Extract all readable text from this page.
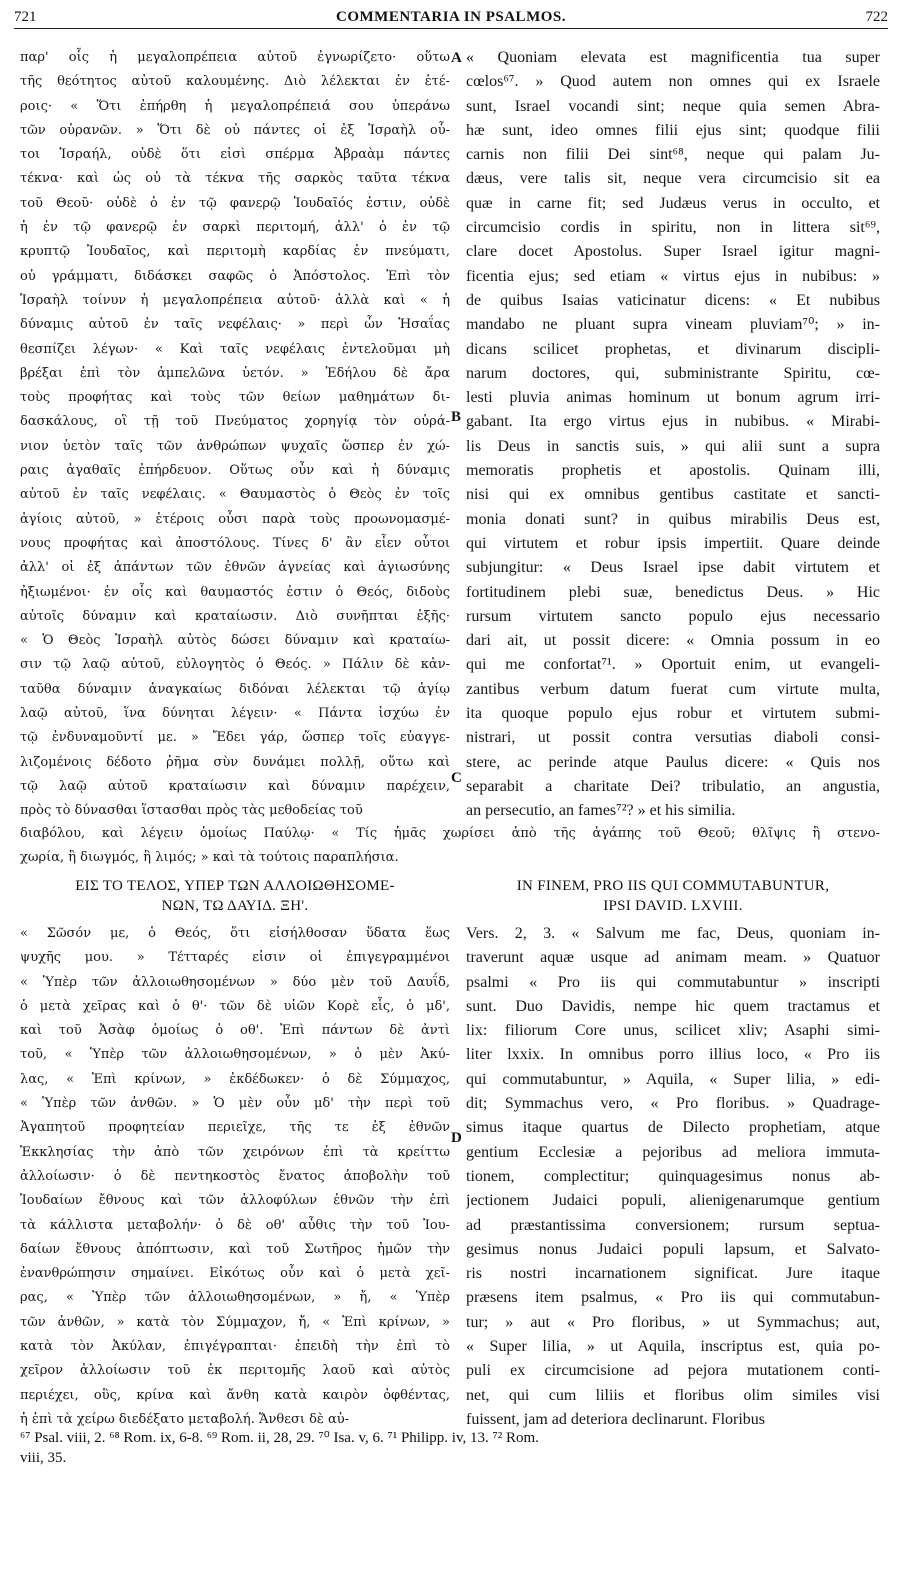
721	COMMENTARIA IN PSALMOS.	722
παρ' οἷς ἡ μεγαλοπρέπεια αὐτοῦ ἐγνωρίζετο· οὕτω
τῆς θεότητος αὐτοῦ καλουμένης. Διὸ λέλεκται ἐν ἑτέ-
ροις· « Ὅτι ἐπήρθη ἡ μεγαλοπρέπειά σου ὑπεράνω
τῶν οὐρανῶν. » Ὅτι δὲ οὐ πάντες οἱ ἐξ Ἰσραὴλ οὗ-
τοι Ἰσραήλ, οὐδὲ ὅτι εἰσὶ σπέρμα Ἀβραὰμ πάντες
τέκνα· καὶ ὡς οὐ τὰ τέκνα τῆς σαρκὸς ταῦτα τέκνα
τοῦ Θεοῦ· οὐδὲ ὁ ἐν τῷ φανερῷ Ἰουδαῖός ἐστιν, οὐδὲ
ἡ ἐν τῷ φανερῷ ἐν σαρκὶ περιτομή, ἀλλ' ὁ ἐν τῷ
κρυπτῷ Ἰουδαῖος, καὶ περιτομὴ καρδίας ἐν πνεύματι,
οὐ γράμματι, διδάσκει σαφῶς ὁ Ἀπόστολος. Ἐπὶ τὸν
Ἰσραὴλ τοίνυν ἡ μεγαλοπρέπεια αὐτοῦ· ἀλλὰ καὶ « ἡ
δύναμις αὐτοῦ ἐν ταῖς νεφέλαις· » περὶ ὧν Ἡσαΐας
θεσπίζει λέγων· « Καὶ ταῖς νεφέλαις ἐντελοῦμαι μὴ
βρέξαι ἐπὶ τὸν ἀμπελῶνα ὑετόν. » Ἐδήλου δὲ ἄρα
τοὺς προφήτας καὶ τοὺς τῶν θείων μαθημάτων δι-
δασκάλους, οἳ τῇ τοῦ Πνεύματος χορηγίᾳ τὸν οὐρά-
νιον ὑετὸν ταῖς τῶν ἀνθρώπων ψυχαῖς ὥσπερ ἐν χώ-
ραις ἀγαθαῖς ἐπήρδευον. Οὕτως οὖν καὶ ἡ δύναμις
αὐτοῦ ἐν ταῖς νεφέλαις. « Θαυμαστὸς ὁ Θεὸς ἐν τοῖς
ἁγίοις αὐτοῦ, » ἑτέροις οὖσι παρὰ τοὺς προωνομασμέ-
νους προφήτας καὶ ἀποστόλους. Τίνες δ' ἂν εἶεν οὗτοι
ἀλλ' οἱ ἐξ ἁπάντων τῶν ἐθνῶν ἁγνείας καὶ ἁγιωσύνης
ἠξιωμένοι· ἐν οἷς καὶ θαυμαστός ἐστιν ὁ Θεός, διδοὺς
αὐτοῖς δύναμιν καὶ κραταίωσιν. Διὸ συνῆπται ἑξῆς·
« Ὁ Θεὸς Ἰσραὴλ αὐτὸς δώσει δύναμιν καὶ κραταίω-
σιν τῷ λαῷ αὐτοῦ, εὐλογητὸς ὁ Θεός. » Πάλιν δὲ κἀν-
ταῦθα δύναμιν ἀναγκαίως διδόναι λέλεκται τῷ ἁγίῳ
λαῷ αὐτοῦ, ἵνα δύνηται λέγειν· « Πάντα ἰσχύω ἐν
τῷ ἐνδυναμοῦντί με. » Ἔδει γάρ, ὥσπερ τοῖς εὐαγγε-
λιζομένοις δέδοτο ῥῆμα σὺν δυνάμει πολλῇ, οὕτω καὶ
τῷ λαῷ αὐτοῦ κραταίωσιν καὶ δύναμιν παρέχειν,
πρὸς τὸ δύνασθαι ἵστασθαι πρὸς τὰς μεθοδείας τοῦ
« Quoniam elevata est magnificentia tua super
cœlos⁶⁷. » Quod autem non omnes qui ex Israele
sunt, Israel vocandi sint; neque quia semen Abra-
hæ sunt, ideo omnes filii ejus sint; quodque filii
carnis non filii Dei sint⁶⁸, neque qui palam Ju-
dæus, vere talis sit, neque vera circumcisio sit ea
quæ in carne fit; sed Judæus verus in occulto, et
circumcisio cordis in spiritu, non in littera sit⁶⁹,
clare docet Apostolus. Super Israel igitur magni-
ficentia ejus; sed etiam « virtus ejus in nubibus: »
de quibus Isaias vaticinatur dicens: « Et nubibus
mandabo ne pluant supra vineam pluviam⁷⁰; » in-
dicans scilicet prophetas, et divinarum discipli-
narum doctores, qui, subministrante Spiritu, cœ-
lesti pluvia animas hominum ut bonum agrum irri-
gabant. Ita ergo virtus ejus in nubibus. « Mirabi-
lis Deus in sanctis suis, » qui alii sunt a supra
memoratis prophetis et apostolis. Quinam illi,
nisi qui ex omnibus gentibus castitate et sancti-
monia donati sunt? in quibus mirabilis Deus est,
qui virtutem et robur ipsis impertiit. Quare deinde
subjungitur: « Deus Israel ipse dabit virtutem et
fortitudinem plebi suæ, benedictus Deus. » Hic
rursum virtutem sancto populo ejus necessario
dari ait, ut possit dicere: « Omnia possum in eo
qui me confortat⁷¹. » Oportuit enim, ut evangeli-
zantibus verbum datum fuerat cum virtute multa,
ita quoque populo ejus robur et virtutem submi-
nistrari, ut possit contra versutias diaboli consi-
stere, ac perinde atque Paulus dicere: « Quis nos
separabit a charitate Dei? tribulatio, an angustia,
an persecutio, an fames⁷²? » et his similia.
A
B
C
D
διαβόλου, καὶ λέγειν ὁμοίως Παύλῳ· « Τίς ἡμᾶς χωρίσει ἀπὸ τῆς ἀγάπης τοῦ Θεοῦ; θλῖψις ἢ στενο-
χωρία, ἢ διωγμός, ἢ λιμός; » καὶ τὰ τούτοις παραπλήσια.
ΕΙΣ ΤΟ ΤΕΛΟΣ, ΥΠΕΡ ΤΩΝ ΑΛΛΟΙΩΘΗΣΟΜΕ-
ΝΩΝ, ΤΩ ΔΑΥΙΔ. ΞΗ'.
IN FINEM, PRO IIS QUI COMMUTABUNTUR,
IPSI DAVID. LXVIII.
« Σῶσόν με, ὁ Θεός, ὅτι εἰσήλθοσαν ὕδατα ἕως
ψυχῆς μου. » Τέτταρές εἰσιν οἱ ἐπιγεγραμμένοι
« Ὑπὲρ τῶν ἀλλοιωθησομένων » δύο μὲν τοῦ Δαυΐδ,
ὁ μετὰ χεῖρας καὶ ὁ θ'· τῶν δὲ υἱῶν Κορὲ εἷς, ὁ μδ',
καὶ τοῦ Ἀσὰφ ὁμοίως ὁ οθ'. Ἐπὶ πάντων δὲ ἀντὶ
τοῦ, « Ὑπὲρ τῶν ἀλλοιωθησομένων, » ὁ μὲν Ἀκύ-
λας, « Ἐπὶ κρίνων, » ἐκδέδωκεν· ὁ δὲ Σύμμαχος,
« Ὑπὲρ τῶν ἀνθῶν. » Ὁ μὲν οὖν μδ' τὴν περὶ τοῦ
Ἀγαπητοῦ προφητείαν περιεῖχε, τῆς τε ἐξ ἐθνῶν
Ἐκκλησίας τὴν ἀπὸ τῶν χειρόνων ἐπὶ τὰ κρείττω
ἀλλοίωσιν· ὁ δὲ πεντηκοστὸς ἔνατος ἀποβολὴν τοῦ
Ἰουδαίων ἔθνους καὶ τῶν ἀλλοφύλων ἐθνῶν τὴν ἐπὶ
τὰ κάλλιστα μεταβολήν· ὁ δὲ οθ' αὖθις τὴν τοῦ Ἰου-
δαίων ἔθνους ἀπόπτωσιν, καὶ τοῦ Σωτῆρος ἡμῶν τὴν
ἐνανθρώπησιν σημαίνει. Εἰκότως οὖν καὶ ὁ μετὰ χεῖ-
ρας, « Ὑπὲρ τῶν ἀλλοιωθησομένων, » ἤ, « Ὑπὲρ
τῶν ἀνθῶν, » κατὰ τὸν Σύμμαχον, ἤ, « Ἐπὶ κρίνων, »
κατὰ τὸν Ἀκύλαν, ἐπιγέγραπται· ἐπειδὴ τὴν ἐπὶ τὸ
χεῖρον ἀλλοίωσιν τοῦ ἐκ περιτομῆς λαοῦ καὶ αὐτὸς
περιέχει, οὓς, κρίνα καὶ ἄνθη κατὰ καιρὸν ὀφθέντας,
ἡ ἐπὶ τὰ χείρω διεδέξατο μεταβολή. Ἄνθεσι δὲ αὐ-
Vers. 2, 3. « Salvum me fac, Deus, quoniam in-
traverunt aquæ usque ad animam meam. » Quatuor
psalmi « Pro iis qui commutabuntur » inscripti
sunt. Duo Davidis, nempe hic quem tractamus et
lix: filiorum Core unus, scilicet xliv; Asaphi simi-
liter lxxix. In omnibus porro illius loco, « Pro iis
qui commutabuntur, » Aquila, « Super lilia, » edi-
dit; Symmachus vero, « Pro floribus. » Quadrage-
simus itaque quartus de Dilecto prophetiam, atque
gentium Ecclesiæ a pejoribus ad meliora immuta-
tionem, complectitur; quinquagesimus nonus ab-
jectionem Judaici populi, alienigenarumque gentium
ad præstantissima conversionem; rursum septua-
gesimus nonus Judaici populi lapsum, et Salvato-
ris nostri incarnationem significat. Jure itaque
præsens item psalmus, « Pro iis qui commutabun-
tur; » aut « Pro floribus, » ut Symmachus; aut,
« Super lilia, » ut Aquila, inscriptus est, quia po-
puli ex circumcisione ad pejora mutationem conti-
net, qui cum liliis et floribus olim similes visi
fuissent, jam ad deteriora declinarunt. Floribus
⁶⁷ Psal. viii, 2. ⁶⁸ Rom. ix, 6-8. ⁶⁹ Rom. ii, 28, 29. ⁷⁰ Isa. v, 6. ⁷¹ Philipp. iv, 13. ⁷² Rom.
viii, 35.
